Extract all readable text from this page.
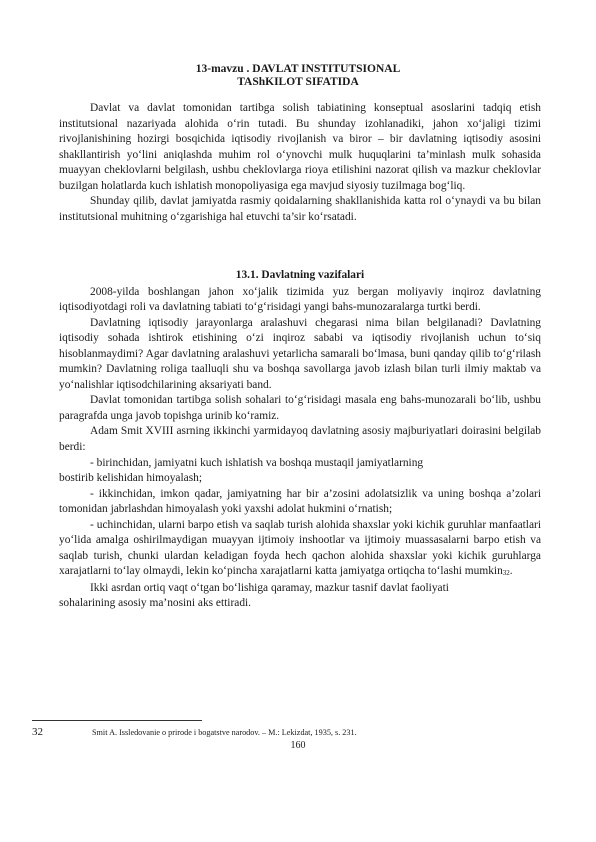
13-mavzu . DAVLAT INSTITUTSIONAL
TAShKILOT SIFATIDA

Davlat va davlat tomonidan tartibga solish tabiatining konseptual asoslarini tadqiq etish institutsional nazariyada alohida o‘rin tutadi. Bu shunday izohlanadiki, jahon xo‘jaligi tizimi rivojlanishining hozirgi bosqichida iqtisodiy rivojlanish va biror – bir davlatning iqtisodiy asosini shakllantirish yo‘lini aniqlashda muhim rol o‘ynovchi mulk huquqlarini ta’minlash mulk sohasida muayyan cheklovlarni belgilash, ushbu cheklovlarga rioya etilishini nazorat qilish va mazkur cheklovlar buzilgan holatlarda kuch ishlatish monopoliyasiga ega mavjud siyosiy tuzilmaga bog‘liq.

Shunday qilib, davlat jamiyatda rasmiy qoidalarning shakllanishida katta rol o‘ynaydi va bu bilan institutsional muhitning o‘zgarishiga hal etuvchi ta’sir ko‘rsatadi.

13.1. Davlatning vazifalari

2008-yilda boshlangan jahon xo‘jalik tizimida yuz bergan moliyaviy inqiroz davlatning iqtisodiyotdagi roli va davlatning tabiati to‘g‘risidagi yangi bahs-munozaralarga turtki berdi.

Davlatning iqtisodiy jarayonlarga aralashuvi chegarasi nima bilan belgilanadi? Davlatning iqtisodiy sohada ishtirok etishining o‘zi inqiroz sababi va iqtisodiy rivojlanish uchun to‘siq hisoblanmaydimi? Agar davlatning aralashuvi yetarlicha samarali bo‘lmasa, buni qanday qilib to‘g‘rilash mumkin? Davlatning roliga taalluqli shu va boshqa savollarga javob izlash bilan turli ilmiy maktab va yo‘nalishlar iqtisodchilarining aksariyati band.

Davlat tomonidan tartibga solish sohalari to‘g‘risidagi masala eng bahs-munozarali bo‘lib, ushbu paragrafda unga javob topishga urinib ko‘ramiz.

Adam Smit XVIII asrning ikkinchi yarmidayoq davlatning asosiy majburiyatlari doirasini belgilab berdi:

- birinchidan, jamiyatni kuch ishlatish va boshqa mustaqil jamiyatlarning

bostirib kelishidan himoyalash;

- ikkinchidan, imkon qadar, jamiyatning har bir a’zosini adolatsizlik va uning boshqa a’zolari tomonidan jabrlashdan himoyalash yoki yaxshi adolat hukmini o‘rnatish;

- uchinchidan, ularni barpo etish va saqlab turish alohida shaxslar yoki kichik guruhlar manfaatlari yo‘lida amalga oshirilmaydigan muayyan ijtimoiy inshootlar va ijtimoiy muassasalarni barpo etish va saqlab turish, chunki ulardan keladigan foyda hech qachon alohida shaxslar yoki kichik guruhlarga xarajatlarni to‘lay olmaydi, lekin ko‘pincha xarajatlarni katta jamiyatga ortiqcha to‘lashi mumkin32.

Ikki asrdan ortiq vaqt o‘tgan bo‘lishiga qaramay, mazkur tasnif davlat faoliyati

sohalarining asosiy ma’nosini aks ettiradi.

32	Smit A. Issledovanie o prirode i bogatstve narodov. – M.: Lekizdat, 1935, s. 231.
160
